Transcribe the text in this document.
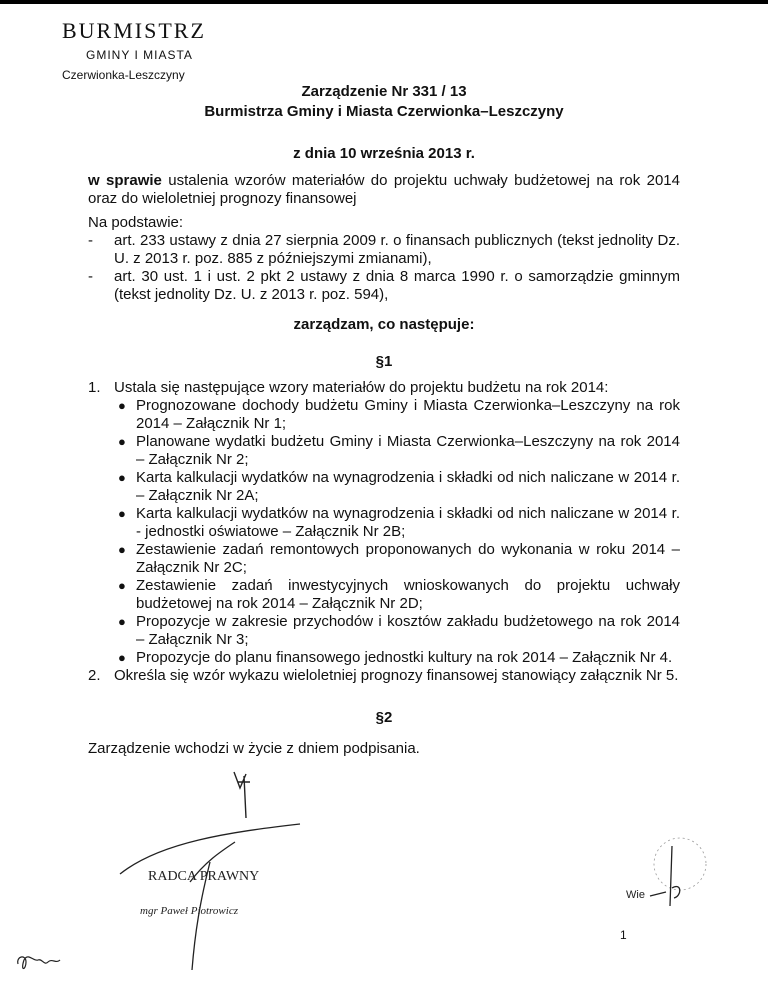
BURMISTRZ
GMINY I MIASTA
Czerwionka-Leszczyny
Zarządzenie Nr 331 / 13
Burmistrza Gminy i Miasta Czerwionka–Leszczyny
z dnia 10 września 2013 r.
w sprawie ustalenia wzorów materiałów do projektu uchwały budżetowej na rok 2014 oraz do wieloletniej prognozy finansowej
Na podstawie:
- art. 233 ustawy z dnia 27 sierpnia 2009 r. o finansach publicznych (tekst jednolity Dz. U. z 2013 r. poz. 885 z późniejszymi zmianami),
- art. 30 ust. 1 i ust. 2 pkt 2 ustawy z dnia 8 marca 1990 r. o samorządzie gminnym (tekst jednolity Dz. U. z 2013 r. poz. 594),
zarządzam, co następuje:
§1
1. Ustala się następujące wzory materiałów do projektu budżetu na rok 2014:
● Prognozowane dochody budżetu Gminy i Miasta Czerwionka–Leszczyny na rok 2014 – Załącznik Nr 1;
● Planowane wydatki budżetu Gminy i Miasta Czerwionka–Leszczyny na rok 2014 – Załącznik Nr 2;
● Karta kalkulacji wydatków na wynagrodzenia i składki od nich naliczane w 2014 r. – Załącznik Nr 2A;
● Karta kalkulacji wydatków na wynagrodzenia i składki od nich naliczane w 2014 r. - jednostki oświatowe – Załącznik Nr 2B;
● Zestawienie zadań remontowych proponowanych do wykonania w roku 2014 – Załącznik Nr 2C;
● Zestawienie zadań inwestycyjnych wnioskowanych do projektu uchwały budżetowej na rok 2014 – Załącznik Nr 2D;
● Propozycje w zakresie przychodów i kosztów zakładu budżetowego na rok 2014 – Załącznik Nr 3;
● Propozycje do planu finansowego jednostki kultury na rok 2014 – Załącznik Nr 4.
2. Określa się wzór wykazu wieloletniej prognozy finansowej stanowiący załącznik Nr 5.
§2
Zarządzenie wchodzi w życie z dniem podpisania.
RADCA PRAWNY
mgr Paweł Piotrowicz
Wie
1
